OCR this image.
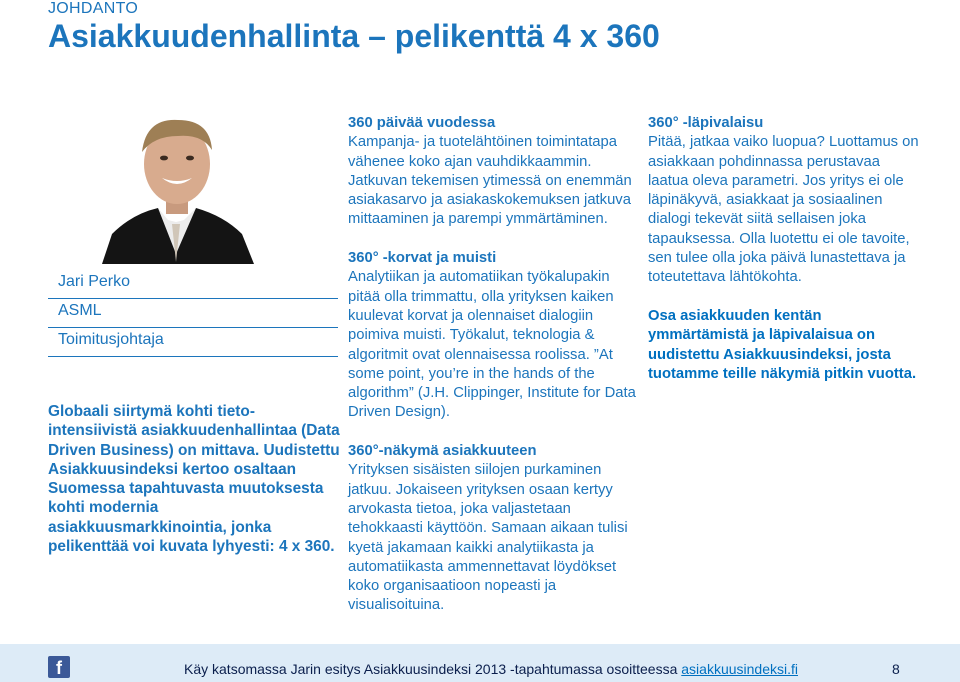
JOHDANTO
Asiakkuudenhallinta – pelikenttä 4 x 360
Jari Perko
ASML
Toimitusjohtaja

Globaali siirtymä kohti tieto-intensiivistä asiakkuudenhallintaa (Data Driven Business) on mittava. Uudistettu Asiakkuusindeksi kertoo osaltaan Suomessa tapahtuvasta muutoksesta kohti modernia asiakkuusmarkkinointia, jonka pelikenttää voi kuvata lyhyesti: 4 x 360.

360 päivää vuodessa
Kampanja- ja tuotelähtöinen toimintatapa vähenee koko ajan vauhdikkaammin. Jatkuvan tekemisen ytimessä on enemmän asiakasarvo ja asiakaskokemuksen jatkuva mittaaminen ja parempi ymmärtäminen.

360° -korvat ja muisti
Analytiikan ja automatiikan työkalupakin pitää olla trimmattu, olla yrityksen kaiken kuulevat korvat ja olennaiset dialogiin poimiva muisti. Työkalut, teknologia & algoritmit ovat olennaisessa roolissa. ”At some point, you’re in the hands of the algorithm” (J.H. Clippinger, Institute for Data Driven Design).

360°-näkymä asiakkuuteen
Yrityksen sisäisten siilojen purkaminen jatkuu. Jokaiseen yrityksen osaan kertyy arvokasta tietoa, joka valjastetaan tehokkaasti käyttöön. Samaan aikaan tulisi kyetä jakamaan kaikki analytiikasta ja automatiikasta ammennettavat löydökset koko organisaatioon nopeasti ja visualisoituina.

360° -läpivalaisu
Pitää, jatkaa vaiko luopua? Luottamus on asiakkaan pohdinnassa perustavaa laatua oleva parametri. Jos yritys ei ole läpinäkyvä, asiakkaat ja sosiaalinen dialogi tekevät siitä sellaisen joka tapauksessa. Olla luotettu ei ole tavoite, sen tulee olla joka päivä lunastettava ja toteutettava lähtökohta.

Osa asiakkuuden kentän ymmärtämistä ja läpivalaisua on uudistettu Asiakkuusindeksi, josta tuotamme teille näkymiä pitkin vuotta.

f	Käy katsomassa Jarin esitys Asiakkuusindeksi 2013 -tapahtumassa osoitteessa asiakkuusindeksi.fi	8
